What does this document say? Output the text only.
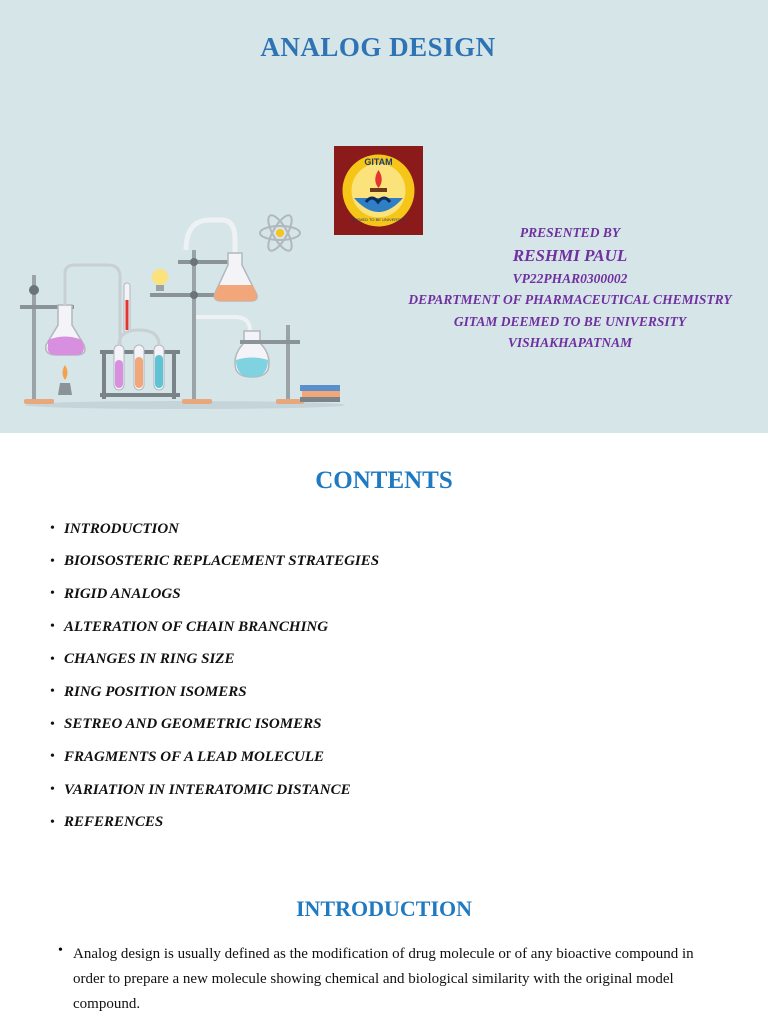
ANALOG DESIGN
GITAM
DEEMED TO BE UNIVERSITY
PRESENTED BY
RESHMI PAUL
VP22PHAR0300002
DEPARTMENT OF PHARMACEUTICAL CHEMISTRY
GITAM DEEMED TO BE UNIVERSITY
VISHAKHAPATNAM
CONTENTS
• INTRODUCTION
• BIOISOSTERIC REPLACEMENT STRATEGIES
• RIGID ANALOGS
• ALTERATION OF CHAIN BRANCHING
• CHANGES IN RING SIZE
• RING POSITION ISOMERS
• SETREO AND GEOMETRIC ISOMERS
• FRAGMENTS OF A LEAD MOLECULE
• VARIATION IN INTERATOMIC DISTANCE
• REFERENCES
INTRODUCTION
• Analog design is usually defined as the modification of drug molecule or of any bioactive compound in order to prepare a new molecule showing chemical and biological similarity with the original model compound.
